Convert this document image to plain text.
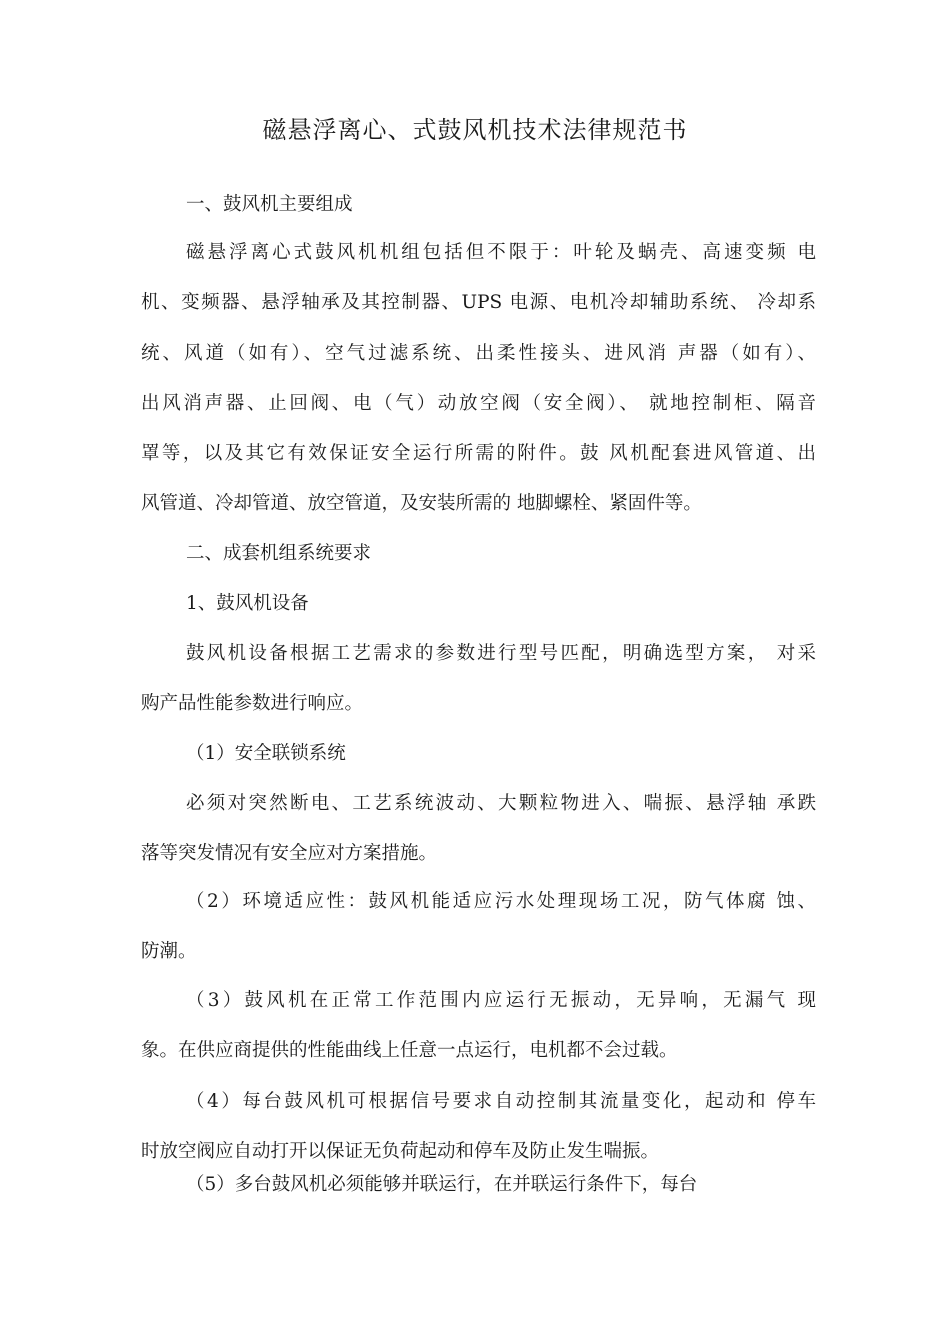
磁悬浮离心、式鼓风机技术法律规范书
一、鼓风机主要组成
磁悬浮离心式鼓风机机组包括但不限于：叶轮及蜗壳、高速变频 电
机、变频器、悬浮轴承及其控制器、UPS 电源、电机冷却辅助系统、 冷却系
统、风道（如有）、空气过滤系统、出柔性接头、进风消 声器（如有）、
出风消声器、止回阀、电（气）动放空阀（安全阀）、 就地控制柜、隔音
罩等，以及其它有效保证安全运行所需的附件。鼓 风机配套进风管道、出
风管道、冷却管道、放空管道，及安装所需的 地脚螺栓、紧固件等。
二、成套机组系统要求
1、鼓风机设备
鼓风机设备根据工艺需求的参数进行型号匹配，明确选型方案， 对采
购产品性能参数进行响应。
（1）安全联锁系统
必须对突然断电、工艺系统波动、大颗粒物进入、喘振、悬浮轴 承跌
落等突发情况有安全应对方案措施。
（2）环境适应性：鼓风机能适应污水处理现场工况，防气体腐 蚀、
防潮。
（3）鼓风机在正常工作范围内应运行无振动，无异响，无漏气 现
象。在供应商提供的性能曲线上任意一点运行，电机都不会过载。
（4）每台鼓风机可根据信号要求自动控制其流量变化，起动和 停车
时放空阀应自动打开以保证无负荷起动和停车及防止发生喘振。
（5）多台鼓风机必须能够并联运行，在并联运行条件下，每台
